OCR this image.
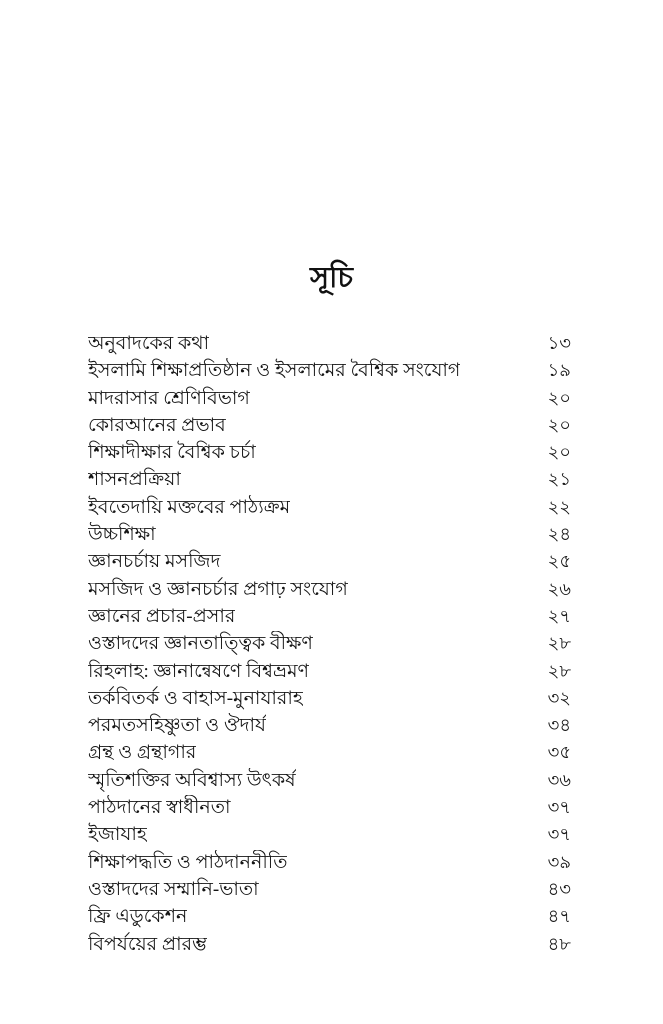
সূচি
অনুবাদকের কথা	১৩
ইসলামি শিক্ষাপ্রতিষ্ঠান ও ইসলামের বৈশ্বিক সংযোগ	১৯
মাদরাসার শ্রেণিবিভাগ	২০
কোরআনের প্রভাব	২০
শিক্ষাদীক্ষার বৈশ্বিক চর্চা	২০
শাসনপ্রক্রিয়া	২১
ইবতেদায়ি মক্তবের পাঠ্যক্রম	২২
উচ্চশিক্ষা	২৪
জ্ঞানচর্চায় মসজিদ	২৫
মসজিদ ও জ্ঞানচর্চার প্রগাঢ় সংযোগ	২৬
জ্ঞানের প্রচার-প্রসার	২৭
ওস্তাদদের জ্ঞানতাত্ত্বিক বীক্ষণ	২৮
রিহলাহ: জ্ঞানান্বেষণে বিশ্বভ্রমণ	২৮
তর্কবিতর্ক ও বাহাস-মুনাযারাহ	৩২
পরমতসহিষ্ণুতা ও ঔদার্য	৩৪
গ্রন্থ ও গ্রন্থাগার	৩৫
স্মৃতিশক্তির অবিশ্বাস্য উৎকর্ষ	৩৬
পাঠদানের স্বাধীনতা	৩৭
ইজাযাহ	৩৭
শিক্ষাপদ্ধতি ও পাঠদাননীতি	৩৯
ওস্তাদদের সম্মানি-ভাতা	৪৩
ফ্রি এডুকেশন	৪৭
বিপর্যয়ের প্রারম্ভ	৪৮
